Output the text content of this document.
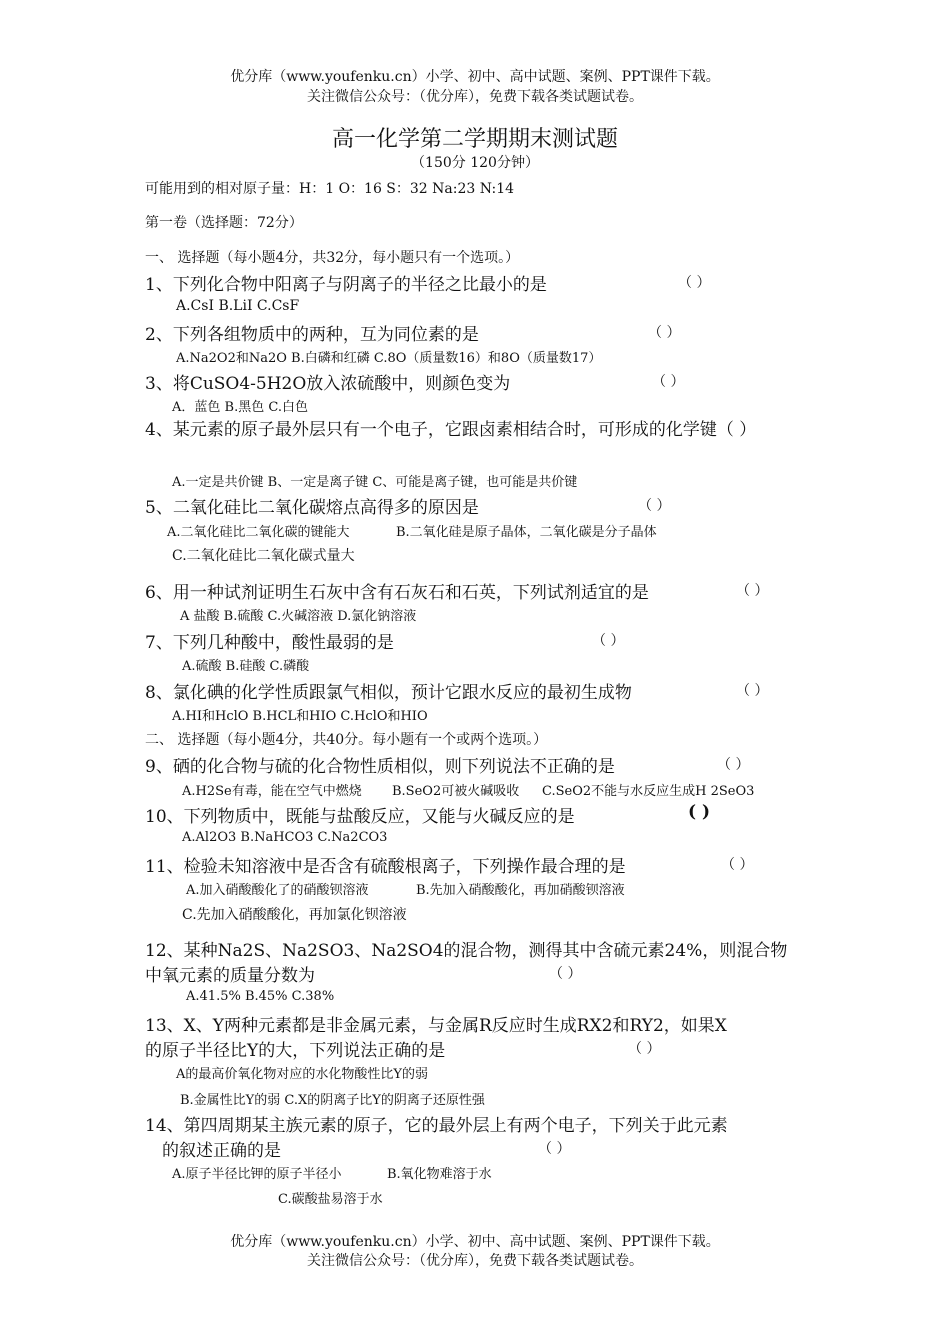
优分库（www.youfenku.cn）小学、初中、高中试题、案例、PPT课件下载。
关注微信公众号：（优分库），免费下载各类试题试卷。
高一化学第二学期期末测试题
（150分 120分钟）
可能用到的相对原子量：H：1 O：16 S：32 Na:23 N:14
第一卷（选择题：72分）
一、 选择题（每小题4分，共32分，每小题只有一个选项。）
1、下列化合物中阳离子与阴离子的半径之比最小的是	（ ）
A.CsI B.LiI C.CsF
2、下列各组物质中的两种，互为同位素的是	（ ）
A.Na2O2和Na2O B.白磷和红磷 C.8O（质量数16）和8O（质量数17）
3、将CuSO4-5H2O放入浓硫酸中，则颜色变为	（ ）
A．蓝色 B.黑色 C.白色
4、某元素的原子最外层只有一个电子，它跟卤素相结合时，可形成的化学键（ ）
A.一定是共价键 B、一定是离子键 C、可能是离子键，也可能是共价键
5、二氧化硅比二氧化碳熔点高得多的原因是	（ ）
A.二氧化硅比二氧化碳的键能大	B.二氧化硅是原子晶体，二氧化碳是分子晶体
C.二氧化硅比二氧化碳式量大
6、用一种试剂证明生石灰中含有石灰石和石英，下列试剂适宜的是	（ ）
A 盐酸 B.硫酸 C.火碱溶液 D.氯化钠溶液
7、下列几种酸中，酸性最弱的是	（ ）
A.硫酸 B.硅酸 C.磷酸
8、氯化碘的化学性质跟氯气相似，预计它跟水反应的最初生成物	（ ）
A.HI和HclO B.HCL和HIO C.HclO和HIO
二、 选择题（每小题4分，共40分。每小题有一个或两个选项。）
9、硒的化合物与硫的化合物性质相似，则下列说法不正确的是	（ ）
A.H2Se有毒，能在空气中燃烧 B.SeO2可被火碱吸收 C.SeO2不能与水反应生成H 2SeO3
10、下列物质中，既能与盐酸反应，又能与火碱反应的是	( )
A.Al2O3 B.NaHCO3 C.Na2CO3
11、检验未知溶液中是否含有硫酸根离子，下列操作最合理的是	（ ）
A.加入硝酸酸化了的硝酸钡溶液	B.先加入硝酸酸化，再加硝酸钡溶液
C.先加入硝酸酸化，再加氯化钡溶液
12、某种Na2S、Na2SO3、Na2SO4的混合物，测得其中含硫元素24%，则混合物
中氧元素的质量分数为	（ ）
A.41.5% B.45% C.38%
13、X、Y两种元素都是非金属元素，与金属R反应时生成RX2和RY2，如果X
的原子半径比Y的大，下列说法正确的是	（ ）
A的最高价氧化物对应的水化物酸性比Y的弱
B.金属性比Y的弱 C.X的阴离子比Y的阴离子还原性强
14、第四周期某主族元素的原子，它的最外层上有两个电子，下列关于此元素
的叙述正确的是	（ ）
A.原子半径比钾的原子半径小	B.氧化物难溶于水
C.碳酸盐易溶于水
优分库（www.youfenku.cn）小学、初中、高中试题、案例、PPT课件下载。
关注微信公众号：（优分库），免费下载各类试题试卷。
